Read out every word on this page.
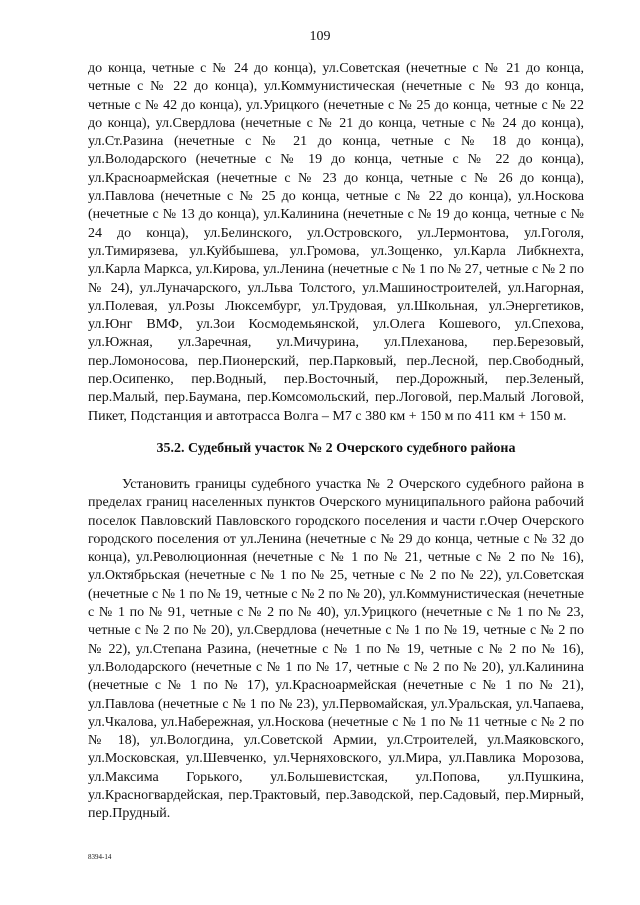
109

до конца, четные с № 24 до конца), ул.Советская (нечетные с № 21 до конца, четные с № 22 до конца), ул.Коммунистическая (нечетные с № 93 до конца, четные с № 42 до конца), ул.Урицкого (нечетные с № 25 до конца, четные с № 22 до конца), ул.Свердлова (нечетные с № 21 до конца, четные с № 24 до конца), ул.Ст.Разина (нечетные с № 21 до конца, четные с № 18 до конца), ул.Володарского (нечетные с № 19 до конца, четные с № 22 до конца), ул.Красноармейская (нечетные с № 23 до конца, четные с № 26 до конца), ул.Павлова (нечетные с № 25 до конца, четные с № 22 до конца), ул.Носкова (нечетные с № 13 до конца), ул.Калинина (нечетные с № 19 до конца, четные с № 24 до конца), ул.Белинского, ул.Островского, ул.Лермонтова, ул.Гоголя, ул.Тимирязева, ул.Куйбышева, ул.Громова, ул.Зощенко, ул.Карла Либкнехта, ул.Карла Маркса, ул.Кирова, ул.Ленина (нечетные с № 1 по № 27, четные с № 2 по № 24), ул.Луначарского, ул.Льва Толстого, ул.Машиностроителей, ул.Нагорная, ул.Полевая, ул.Розы Люксембург, ул.Трудовая, ул.Школьная, ул.Энергетиков, ул.Юнг ВМФ, ул.Зои Космодемьянской, ул.Олега Кошевого, ул.Спехова, ул.Южная, ул.Заречная, ул.Мичурина, ул.Плеханова, пер.Березовый, пер.Ломоносова, пер.Пионерский, пер.Парковый, пер.Лесной, пер.Свободный, пер.Осипенко, пер.Водный, пер.Восточный, пер.Дорожный, пер.Зеленый, пер.Малый, пер.Баумана, пер.Комсомольский, пер.Логовой, пер.Малый Логовой, Пикет, Подстанция и автотрасса Волга – М7 с 380 км + 150 м по 411 км + 150 м.

35.2. Судебный участок № 2 Очерского судебного района

Установить границы судебного участка № 2 Очерского судебного района в пределах границ населенных пунктов Очерского муниципального района рабочий поселок Павловский Павловского городского поселения и части г.Очер Очерского городского поселения от ул.Ленина (нечетные с № 29 до конца, четные с № 32 до конца), ул.Революционная (нечетные с № 1 по № 21, четные с № 2 по № 16), ул.Октябрьская (нечетные с № 1 по № 25, четные с № 2 по № 22), ул.Советская (нечетные с № 1 по № 19, четные с № 2 по № 20), ул.Коммунистическая (нечетные с № 1 по № 91, четные с № 2 по № 40), ул.Урицкого (нечетные с № 1 по № 23, четные с № 2 по № 20), ул.Свердлова (нечетные с № 1 по № 19, четные с № 2 по № 22), ул.Степана Разина, (нечетные с № 1 по № 19, четные с № 2 по № 16), ул.Володарского (нечетные с № 1 по № 17, четные с № 2 по № 20), ул.Калинина (нечетные с № 1 по № 17), ул.Красноармейская (нечетные с № 1 по № 21), ул.Павлова (нечетные с № 1 по № 23), ул.Первомайская, ул.Уральская, ул.Чапаева, ул.Чкалова, ул.Набережная, ул.Носкова (нечетные с № 1 по № 11 четные с № 2 по № 18), ул.Вологдина, ул.Советской Армии, ул.Строителей, ул.Маяковского, ул.Московская, ул.Шевченко, ул.Черняховского, ул.Мира, ул.Павлика Морозова, ул.Максима Горького, ул.Большевистская, ул.Попова, ул.Пушкина, ул.Красногвардейская, пер.Трактовый, пер.Заводской, пер.Садовый, пер.Мирный, пер.Прудный.

8394-14
